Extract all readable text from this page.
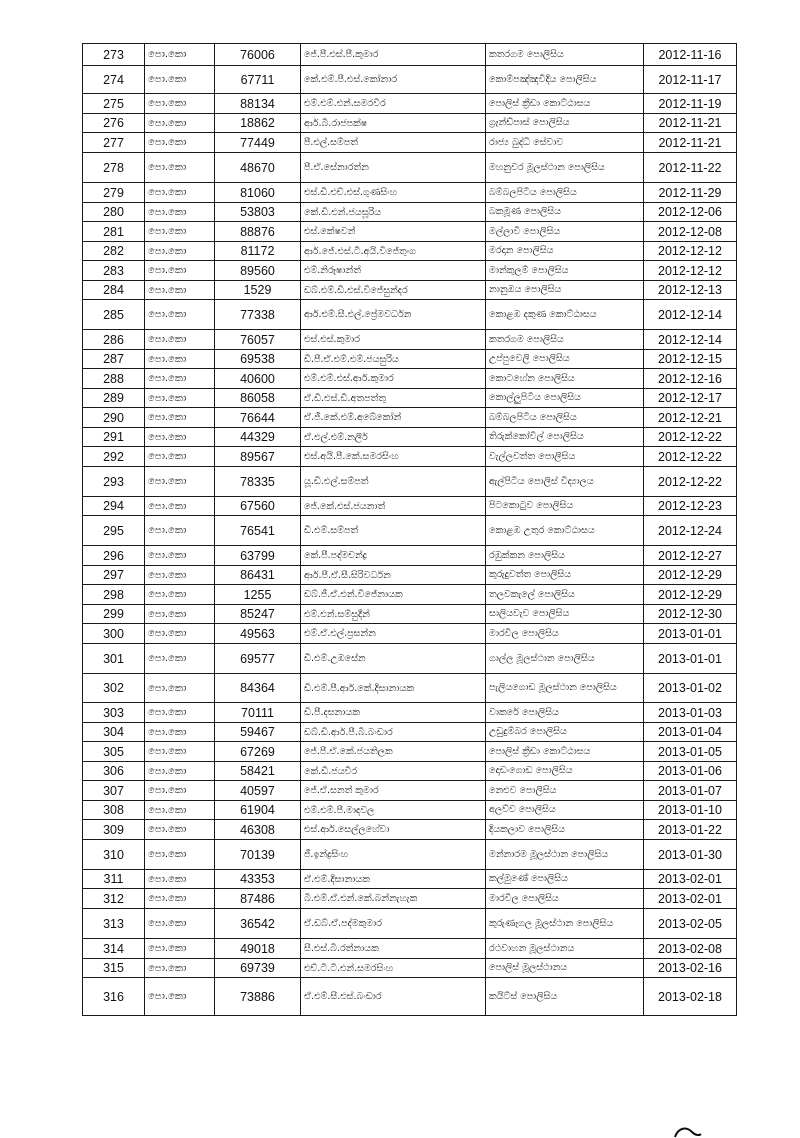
273	පො.කො	76006	ජේ.පී.එස්.පී.කුමාර	කතරගම පොලිසිය	2012-11-16
274	පො.කො	67711	කේ.එම්.පී.එස්.කෝනාර	කොම්පඤ්ඤවීදිය පොලිසිය	2012-11-17
275	පො.කො	88134	එම්.එම්.එන්.සමරවීර	පොලිස් ක්‍රීඩා කොට්ඨාසය	2012-11-19
276	පො.කො	18862	ආර්.බී.රාජපක්ෂ	ග්‍රෑන්ඩ්පාස් පොලිසිය	2012-11-21
277	පො.කො	77449	පී.එල්.සම්පත්	රාජ්‍ය බුද්ධි සේවාව	2012-11-21
278	පො.කො	48670	පී.ඒ.සේනාරත්න	මහනුවර මූලස්ථාන පොලිසිය	2012-11-22
279	පො.කො	81060	එස්.ඩී.එච්.එස්.ගුණසිංහ	බම්බලපිටිය පොලිසිය	2012-11-29
280	පො.කො	53803	කේ.ඩී.එන්.ජයසූරිය	බකමූණ පොලිසිය	2012-12-06
281	පො.කො	88876	එස්.කේෂවන්	මල්ලාවි පොලිසිය	2012-12-08
282	පො.කො	81172	ආර්.ජේ.එස්.ටී.අයි.විජේතුංග	මරදාන පොලිසිය	2012-12-12
283	පො.කො	89560	එම්.නිරූෂාන්ත්	මාන්කුලම් පොලිසිය	2012-12-12
284	පො.කො	1529	ඩබ්.එම්.ඩී.එස්.විජේසුන්දර	නානුඔය පොලිසිය	2012-12-13
285	පො.කො	77338	ආර්.එම්.සී.එල්.ප්‍රේමවර්ධන	කොළඹ දකුණ කොට්ඨාසය	2012-12-14
286	පො.කො	76057	එස්.එස්.කුමාර	කතරගම පොලිසිය	2012-12-14
287	පො.කො	69538	ඩී.පී.ඒ.එම්.එම්.ජයසුරිය	උප්පුවෙලි පොලිසිය	2012-12-15
288	පො.කො	40600	එම්.එම්.එස්.ආර්.කුමාර	කොටහේන පොලිසිය	2012-12-16
289	පො.කො	86058	ඒ.ඩී.එස්.ඩී.අතපත්තු	කොල්ලුපිටිය පොලිසිය	2012-12-17
290	පො.කො	76644	ඒ.ජී.කේ.එම්.අබේකෝන්	බම්බලපිටිය පොලිසිය	2012-12-21
291	පො.කො	44329	ඒ.එල්.එම්.නලීර්	තිරුක්කෝවිල් පොලිසිය	2012-12-22
292	පො.කො	89567	එස්.අයි.පී.කේ.සමරසිංහ	වැල්ලවත්ත පොලිසිය	2012-12-22
293	පො.කො	78335	යූ.ඩී.එල්.සම්පත්	ඇල්පිටිය පොලිස් විද්‍යාලය	2012-12-22
294	පො.කො	67560	ජේ.කේ.එස්.ජයනාත්	පිටකොටුව පොලිසිය	2012-12-23
295	පො.කො	76541	ඩී.එම්.සම්පත්	කොළඹ උතුර කොට්ඨාසය	2012-12-24
296	පො.කො	63799	කේ.පී.පද්මචන්ද්‍ර	රඹුක්කන පොලිසිය	2012-12-27
297	පො.කො	86431	ආර්.පී.ඒ.සී.සිරිවර්ධන	කුරුදුවත්ත පොලිසිය	2012-12-29
298	පො.කො	1255	ඩබ්.ජී.ඒ.එන්.විජේනායක	තලවකැලේ පොලිසිය	2012-12-29
299	පො.කො	85247	එම්.එන්.සම්සුදීන්	සාලියවැව පොලිසිය	2012-12-30
300	පො.කො	49563	එම්.ඒ.එල්.ප්‍රසන්න	මාරවිල පොලිසිය	2013-01-01
301	පො.කො	69577	ඩී.එම්.උඹසේන	ගාල්ල මූලස්ථාන පොලිසිය	2013-01-01
302	පො.කො	84364	ඩී.එම්.පී.ආර්.කේ.දිසානායක	පැලියගොඩ මූලස්ථාන පොලිසිය	2013-01-02
303	පො.කො	70111	ඩී.පී.දසනායක	වාකරේ පොලිසිය	2013-01-03
304	පො.කො	59467	ඩබ්.ඩී.ආර්.පී.බී.බංඩාර	උඩුදුම්බර පොලිසිය	2013-01-04
305	පො.කො	67269	ජේ.පී.ඒ.කේ.ජයතිලක	පොලිස් ක්‍රීඩා කොට්ඨාසය	2013-01-05
306	පො.කො	58421	කේ.ඩී.ජයවීර	දොඩංගොඩ පොලිසිය	2013-01-06
307	පො.කො	40597	ජේ.ඒ.සනත් කුමාර	නෙළුව පොලිසිය	2013-01-07
308	පො.කො	61904	එම්.එම්.පී.මාදවල	අලව්ව පොලිසිය	2013-01-10
309	පො.කො	46308	එස්.ආර්.සෙල්ලහේවා	දියකලාව පොලිසිය	2013-01-22
310	පො.කො	70139	ජී.ඉන්ද්‍රසිංහ	මන්නාරම මූලස්ථාන පොලිසිය	2013-01-30
311	පො.කො	43353	ඒ.එම්.දිසානායක	කල්මුණේ පොලිසිය	2013-02-01
312	පො.කො	87486	බී.එම්.ඒ.එන්.කේ.බන්නැහැක	මාරවිල පොලිසිය	2013-02-01
313	පො.කො	36542	ඒ.ඩබ්.ඒ.පද්මකුමාර	කුරුණෑගල මූලස්ථාන පොලිසිය	2013-02-05
314	පො.කො	49018	සී.එස්.බී.රත්නායක	රථවාහන මූලස්ථානය	2013-02-08
315	පො.කො	69739	එච්.ටී.ටී.එන්.සමරසිංහ	පොලිස් මූලස්ථානය	2013-02-16
316	පො.කො	73886	ඒ.එම්.සී.එස්.බංඩාර	කයිට්ස් පොලිසිය	2013-02-18
